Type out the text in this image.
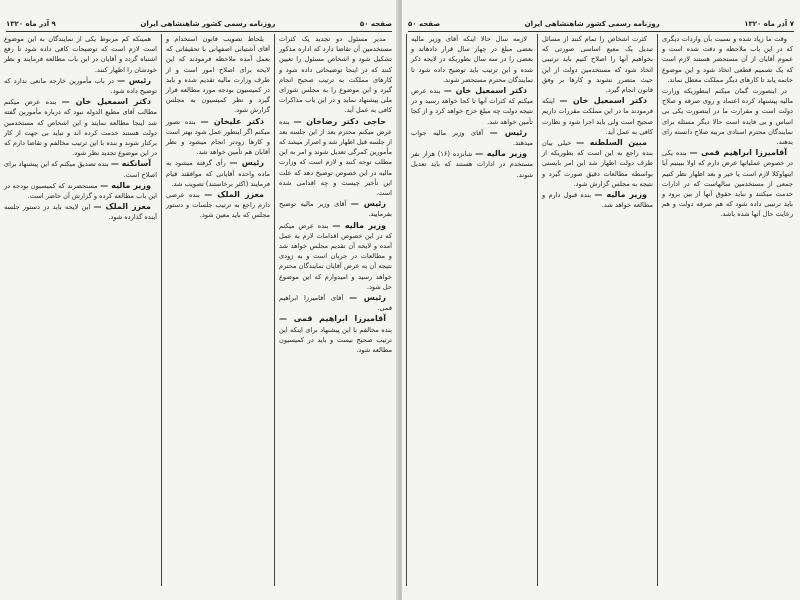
صفحه ۵۰
روزنامه رسمی کشور شاهنشاهی ایران
۹ آذر ماه ۱۳۲۰

مدیر مسئول دو تجدید یک کثرات مستخدمین آن تقاضا دارد که اداره مذکور تشکیل شود و اشخاص مسئول را تعیین کنند که در اینجا توضیحاتی داده شود و کارهای مملکت به ترتیب صحیح انجام گیرد و این موضوع را به مجلس شورای ملی پیشنهاد نماید و در این باب مذاکرات کافی به عمل آید.

حاجی دکتر رضاخان — بنده عرض میکنم محترم بعد از این جلسه بعد از جلسه قبل اظهار شد و اصرار میشد که مأمورین کمرگی تعدیل شوند و امر به این مطلب توجه کنند و لازم است که وزارت مالیه در این خصوص توضیح دهد که علت این تأخیر چیست و چه اقدامی شده است.

رئیس — آقای وزیر مالیه توضیح بفرمایید.

وزیر مالیه — بنده عرض میکنم که در این خصوص اقدامات لازم به عمل آمده و لایحه آن تقدیم مجلس خواهد شد و مطالعات در جریان است و به زودی نتیجه آن به عرض آقایان نمایندگان محترم خواهد رسید و امیدوارم که این موضوع حل شود.

رئیس — آقای آقامیرزا ابراهیم قمی.

آقامیرزا ابراهیم قمی — بنده مخالفم با این پیشنهاد برای اینکه این ترتیب صحیح نیست و باید در کمیسیون مطالعه شود.

بلحاظ تصویب قانون استخدام و آقای آشتیانی اصفهانی با تحقیقاتی که بعمل آمده ملاحظه فرمودند که این لایحه برای اصلاح امور است و از طرف وزارت مالیه تقدیم شده و باید در کمیسیون بودجه مورد مطالعه قرار گیرد و نظر کمیسیون به مجلس گزارش شود.

دکتر علیخان — بنده تصور میکنم اگر اینطور عمل شود بهتر است و کارها زودتر انجام میشود و نظر آقایان هم تأمین خواهد شد.

رئیس — رأی گرفته میشود به ماده واحده آقایانی که موافقند قیام فرمایند (اکثر برخاستند) تصویب شد.

معزز الملک — بنده عرضی دارم راجع به ترتیب جلسات و دستور مجلس که باید معین شود.

همینکه کم مربوط یکی از نمایندگان به این موضوع است لازم است که توضیحات کافی داده شود تا رفع اشتباه گردد و آقایان در این باب مطالعه فرمایند و نظر خودشان را اظهار کنند.

رئیس — در باب مأمورین خارجه مانعی ندارد که توضیح داده شود.

دکتر اسمعیل خان — بنده عرض میکنم مطالب آقای مطیع الدوله نبود که درباره مأمورین گفته شد اینجا مطالعه نمایند و این اشخاص که مستخدمین دولت هستند خدمت کرده اند و نباید بی جهت از کار برکنار شوند و بنده با این ترتیب مخالفم و تقاضا دارم که در این موضوع تجدید نظر شود.

آسانکنه — بنده تصدیق میکنم که این پیشنهاد برای اصلاح است.

وزیر مالیه — مستحضرند که کمیسیون بودجه در این باب مطالعه کرده و گزارش آن حاضر است.

معزز الملک — این لایحه باید در دستور جلسه آینده گذارده شود.

۷ آذر ماه ۱۳۲۰
روزنامه رسمی کشور شاهنشاهی ایران
صفحه ۵۰

کثرت اشخاص را تمام کنند از مسائل تبدیل یک معیع اساسی صورتی که بخواهیم آنها را اصلاح کنیم باید ترتیبی اتخاذ شود که مستخدمین دولت از این حیث متضرر نشوند و کارها بر وفق قانون انجام گیرد.

دکتر اسمعیل خان — اینکه فرمودند ما در این مملکت مقررات داریم صحیح است ولی باید اجرا شود و نظارت کافی به عمل آید.

مبین السلطنه — خیلی بیان بنده راجع به این است که بطوریکه از طرف دولت اظهار شد این امر بایستی بواسطه مطالعات دقیق صورت گیرد و نتیجه به مجلس گزارش شود.

وزیر مالیه — بنده قبول دارم و مطالعه خواهد شد.

وقت ما زیاد شده و نسبت بآن واردات دیگری که در این باب ملاحظه و دقت شده است و عموم آقایان از آن مستحضر هستند لازم است که یک تصمیم قطعی اتخاذ شود و این موضوع خاتمه یابد تا کارهای دیگر مملکت معطل نماند.

در اینصورت گمان میکنم اینطوریکه وزارت مالیه پیشنهاد کرده اعتماد و روی صرفه و صلاح دولت است و مقرارت ما در اینصورت یکی بی اساس و بی فایده است حالا دیگر مسئله برای نمایندگان محترم اسنادی مربیه صلاح دانسته رای بدهند.

آقامیرزا ابراهیم قمی — بنده یکی در خصوص عملیاتها عرض دارم که اولا ببینیم آیا اینهاوکلا لازم است یا خیر و بعد اظهار نظر کنیم جمعی از مستخدمین سالهاست که در ادارات خدمت میکنند و نباید حقوق آنها از بین برود و باید ترتیبی داده شود که هم صرفه دولت و هم رعایت حال آنها شده باشد.

لازمه سال حالا اینکه آقای وزیر مالیه بعضی مبلغ در چهار سال قرار دادهاند و بعضی را در سه سال بطوریکه در لایحه ذکر شده و این ترتیب باید توضیح داده شود تا نمایندگان محترم مستحضر شوند.

دکتر اسمعیل خان — بنده عرض میکنم که کثرات آنها تا کجا خواهد رسید و در نتیجه دولت چه مبلغ خرج خواهد کرد و از کجا تأمین خواهد شد.

رئیس — آقای وزیر مالیه جواب میدهند.

وزیر مالیه — شانزده (۱۶) هزار نفر مستخدم در ادارات هستند که باید تعدیل شوند.
